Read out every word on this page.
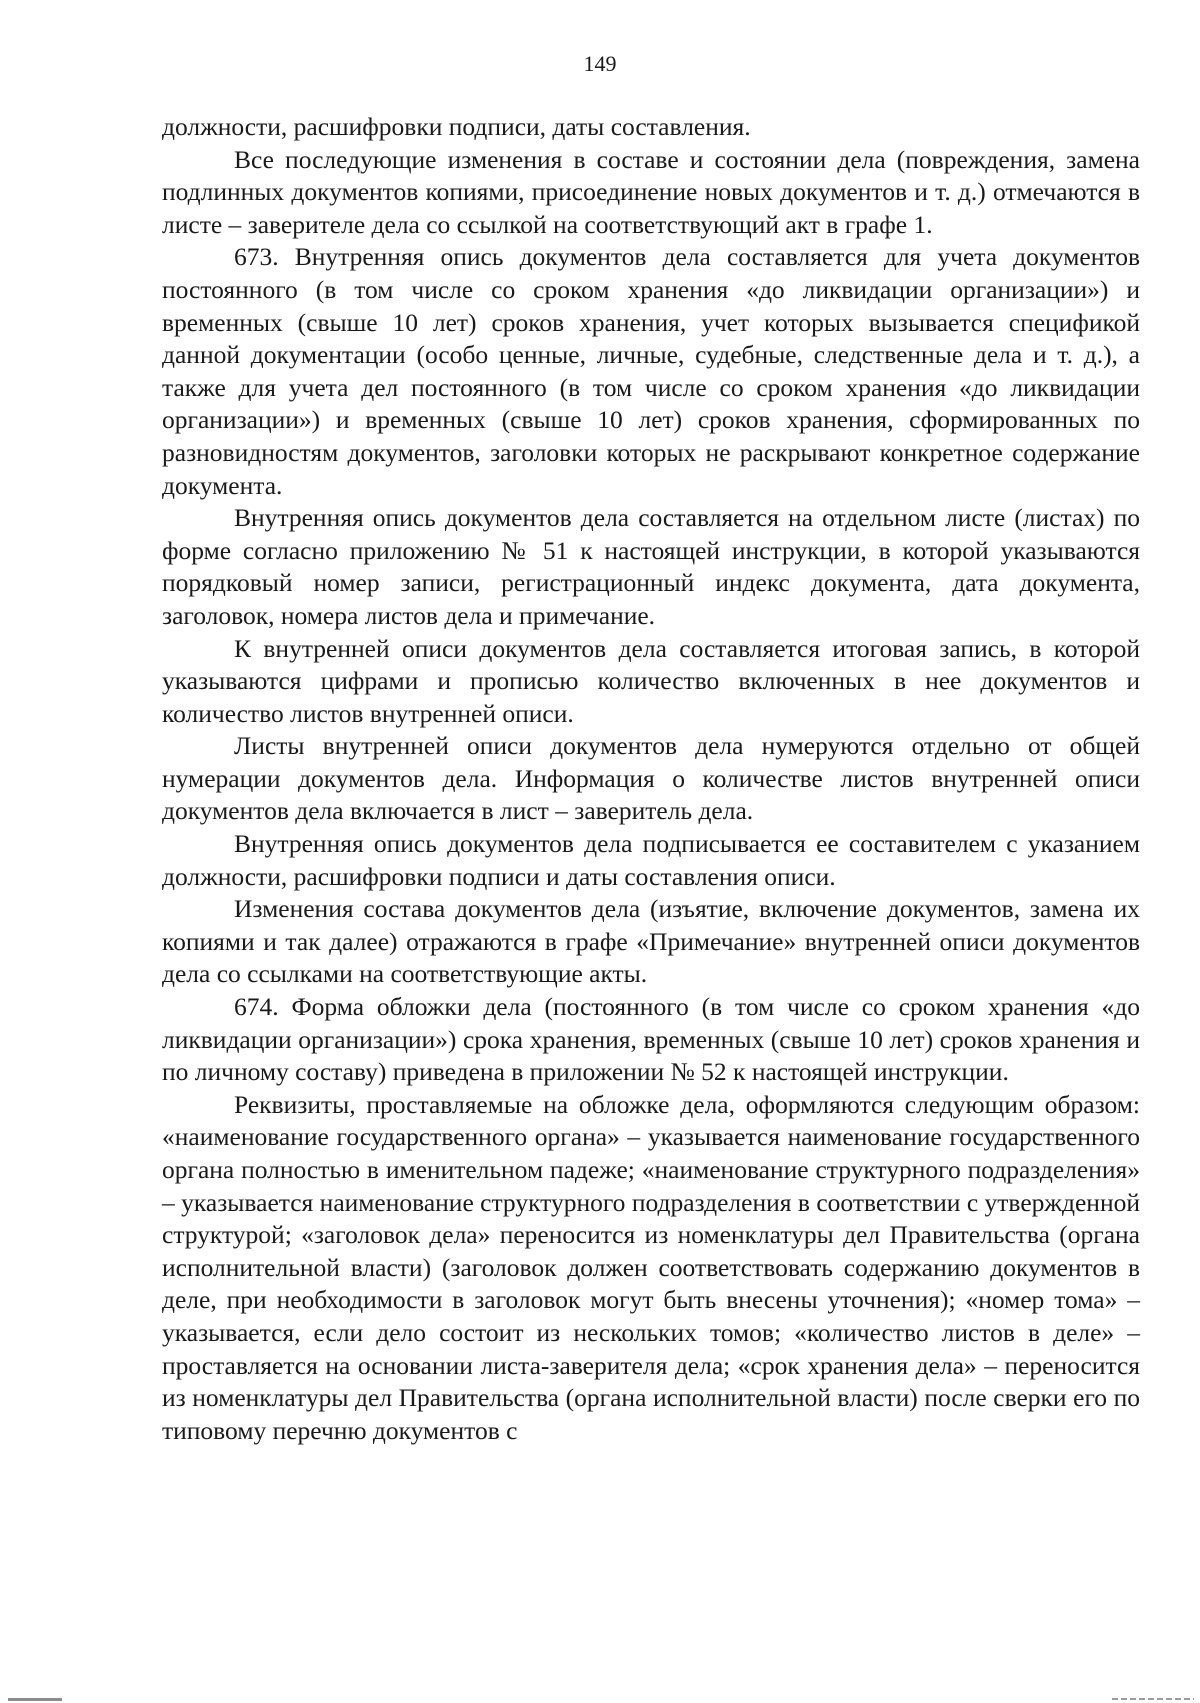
149

должности, расшифровки подписи, даты составления.

Все последующие изменения в составе и состоянии дела (повреждения, замена подлинных документов копиями, присоединение новых документов и т. д.) отмечаются в листе – заверителе дела со ссылкой на соответствующий акт в графе 1.

673. Внутренняя опись документов дела составляется для учета документов постоянного (в том числе со сроком хранения «до ликвидации организации») и временных (свыше 10 лет) сроков хранения, учет которых вызывается спецификой данной документации (особо ценные, личные, судебные, следственные дела и т. д.), а также для учета дел постоянного (в том числе со сроком хранения «до ликвидации организации») и временных (свыше 10 лет) сроков хранения, сформированных по разновидностям документов, заголовки которых не раскрывают конкретное содержание документа.

Внутренняя опись документов дела составляется на отдельном листе (листах) по форме согласно приложению № 51 к настоящей инструкции, в которой указываются порядковый номер записи, регистрационный индекс документа, дата документа, заголовок, номера листов дела и примечание.

К внутренней описи документов дела составляется итоговая запись, в которой указываются цифрами и прописью количество включенных в нее документов и количество листов внутренней описи.

Листы внутренней описи документов дела нумеруются отдельно от общей нумерации документов дела. Информация о количестве листов внутренней описи документов дела включается в лист – заверитель дела.

Внутренняя опись документов дела подписывается ее составителем с указанием должности, расшифровки подписи и даты составления описи.

Изменения состава документов дела (изъятие, включение документов, замена их копиями и так далее) отражаются в графе «Примечание» внутренней описи документов дела со ссылками на соответствующие акты.

674. Форма обложки дела (постоянного (в том числе со сроком хранения «до ликвидации организации») срока хранения, временных (свыше 10 лет) сроков хранения и по личному составу) приведена в приложении № 52 к настоящей инструкции.

Реквизиты, проставляемые на обложке дела, оформляются следующим образом: «наименование государственного органа» – указывается наименование государственного органа полностью в именительном падеже; «наименование структурного подразделения» – указывается наименование структурного подразделения в соответствии с утвержденной структурой; «заголовок дела» переносится из номенклатуры дел Правительства (органа исполнительной власти) (заголовок должен соответствовать содержанию документов в деле, при необходимости в заголовок могут быть внесены уточнения); «номер тома» – указывается, если дело состоит из нескольких томов; «количество листов в деле» – проставляется на основании листа-заверителя дела; «срок хранения дела» – переносится из номенклатуры дел Правительства (органа исполнительной власти) после сверки его по типовому перечню документов с
